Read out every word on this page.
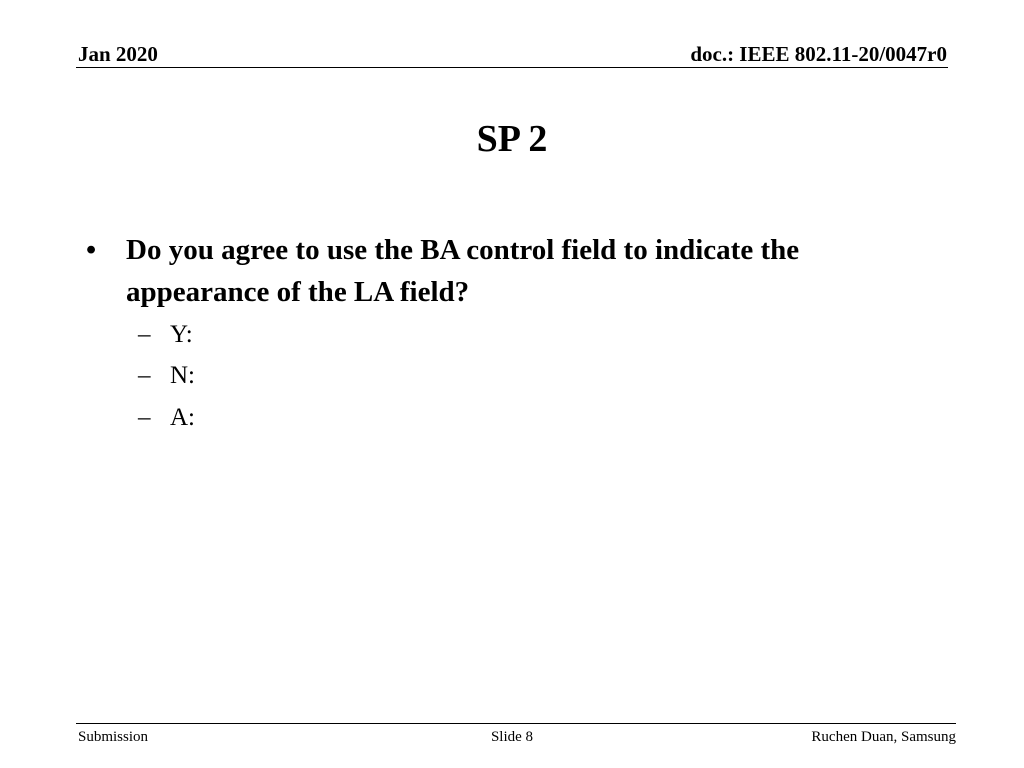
Jan 2020	doc.: IEEE 802.11-20/0047r0
SP 2
• Do you agree to use the BA control field to indicate the appearance of the LA field?
– Y:
– N:
– A:
Submission	Slide 8	Ruchen Duan, Samsung
